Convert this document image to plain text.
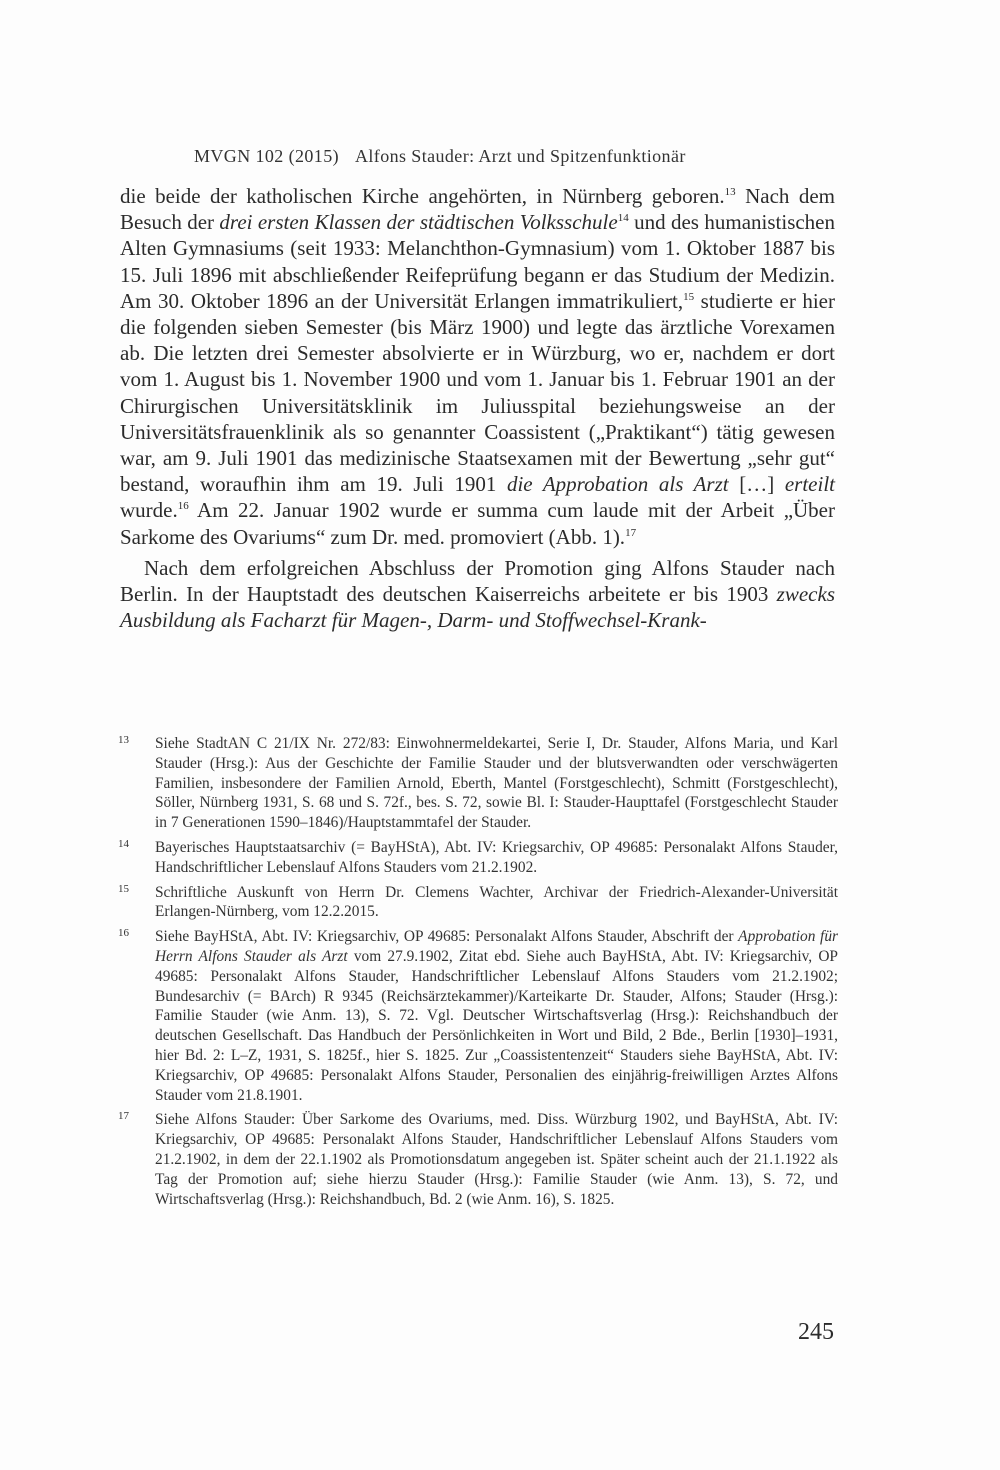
MVGN 102 (2015) Alfons Stauder: Arzt und Spitzenfunktionär

die beide der katholischen Kirche angehörten, in Nürnberg geboren.$^{13}$ Nach dem Besuch der drei ersten Klassen der städtischen Volksschule$^{14}$ und des humanistischen Alten Gymnasiums (seit 1933: Melanchthon-Gymnasium) vom 1. Oktober 1887 bis 15. Juli 1896 mit abschließender Reifeprüfung begann er das Studium der Medizin. Am 30. Oktober 1896 an der Universität Erlangen immatrikuliert,$^{15}$ studierte er hier die folgenden sieben Semester (bis März 1900) und legte das ärztliche Vorexamen ab. Die letzten drei Semester absolvierte er in Würzburg, wo er, nachdem er dort vom 1. August bis 1. November 1900 und vom 1. Januar bis 1. Februar 1901 an der Chirurgischen Universitätsklinik im Juliusspital beziehungsweise an der Universitätsfrauenklinik als so genannter Coassistent („Praktikant“) tätig gewesen war, am 9. Juli 1901 das medizinische Staatsexamen mit der Bewertung „sehr gut“ bestand, woraufhin ihm am 19. Juli 1901 die Approbation als Arzt […] erteilt wurde.$^{16}$ Am 22. Januar 1902 wurde er summa cum laude mit der Arbeit „Über Sarkome des Ovariums“ zum Dr. med. promoviert (Abb. 1).$^{17}$

Nach dem erfolgreichen Abschluss der Promotion ging Alfons Stauder nach Berlin. In der Hauptstadt des deutschen Kaiserreichs arbeitete er bis 1903 zwecks Ausbildung als Facharzt für Magen-, Darm- und Stoffwechsel-Krank-

13 Siehe StadtAN C 21/IX Nr. 272/83: Einwohnermeldekartei, Serie I, Dr. Stauder, Alfons Maria, und Karl Stauder (Hrsg.): Aus der Geschichte der Familie Stauder und der blutsverwandten oder verschwägerten Familien, insbesondere der Familien Arnold, Eberth, Mantel (Forstgeschlecht), Schmitt (Forstgeschlecht), Söller, Nürnberg 1931, S. 68 und S. 72f., bes. S. 72, sowie Bl. I: Stauder-Haupttafel (Forstgeschlecht Stauder in 7 Generationen 1590–1846)/Hauptstammtafel der Stauder.

14 Bayerisches Hauptstaatsarchiv (= BayHStA), Abt. IV: Kriegsarchiv, OP 49685: Personalakt Alfons Stauder, Handschriftlicher Lebenslauf Alfons Stauders vom 21.2.1902.

15 Schriftliche Auskunft von Herrn Dr. Clemens Wachter, Archivar der Friedrich-Alexander-Universität Erlangen-Nürnberg, vom 12.2.2015.

16 Siehe BayHStA, Abt. IV: Kriegsarchiv, OP 49685: Personalakt Alfons Stauder, Abschrift der Approbation für Herrn Alfons Stauder als Arzt vom 27.9.1902, Zitat ebd. Siehe auch BayHStA, Abt. IV: Kriegsarchiv, OP 49685: Personalakt Alfons Stauder, Handschriftlicher Lebenslauf Alfons Stauders vom 21.2.1902; Bundesarchiv (= BArch) R 9345 (Reichsärztekammer)/Karteikarte Dr. Stauder, Alfons; Stauder (Hrsg.): Familie Stauder (wie Anm. 13), S. 72. Vgl. Deutscher Wirtschaftsverlag (Hrsg.): Reichshandbuch der deutschen Gesellschaft. Das Handbuch der Persönlichkeiten in Wort und Bild, 2 Bde., Berlin [1930]–1931, hier Bd. 2: L–Z, 1931, S. 1825f., hier S. 1825. Zur „Coassistentenzeit“ Stauders siehe BayHStA, Abt. IV: Kriegsarchiv, OP 49685: Personalakt Alfons Stauder, Personalien des einjährig-freiwilligen Arztes Alfons Stauder vom 21.8.1901.

17 Siehe Alfons Stauder: Über Sarkome des Ovariums, med. Diss. Würzburg 1902, und BayHStA, Abt. IV: Kriegsarchiv, OP 49685: Personalakt Alfons Stauder, Handschriftlicher Lebenslauf Alfons Stauders vom 21.2.1902, in dem der 22.1.1902 als Promotionsdatum angegeben ist. Später scheint auch der 21.1.1922 als Tag der Promotion auf; siehe hierzu Stauder (Hrsg.): Familie Stauder (wie Anm. 13), S. 72, und Wirtschaftsverlag (Hrsg.): Reichshandbuch, Bd. 2 (wie Anm. 16), S. 1825.

245
